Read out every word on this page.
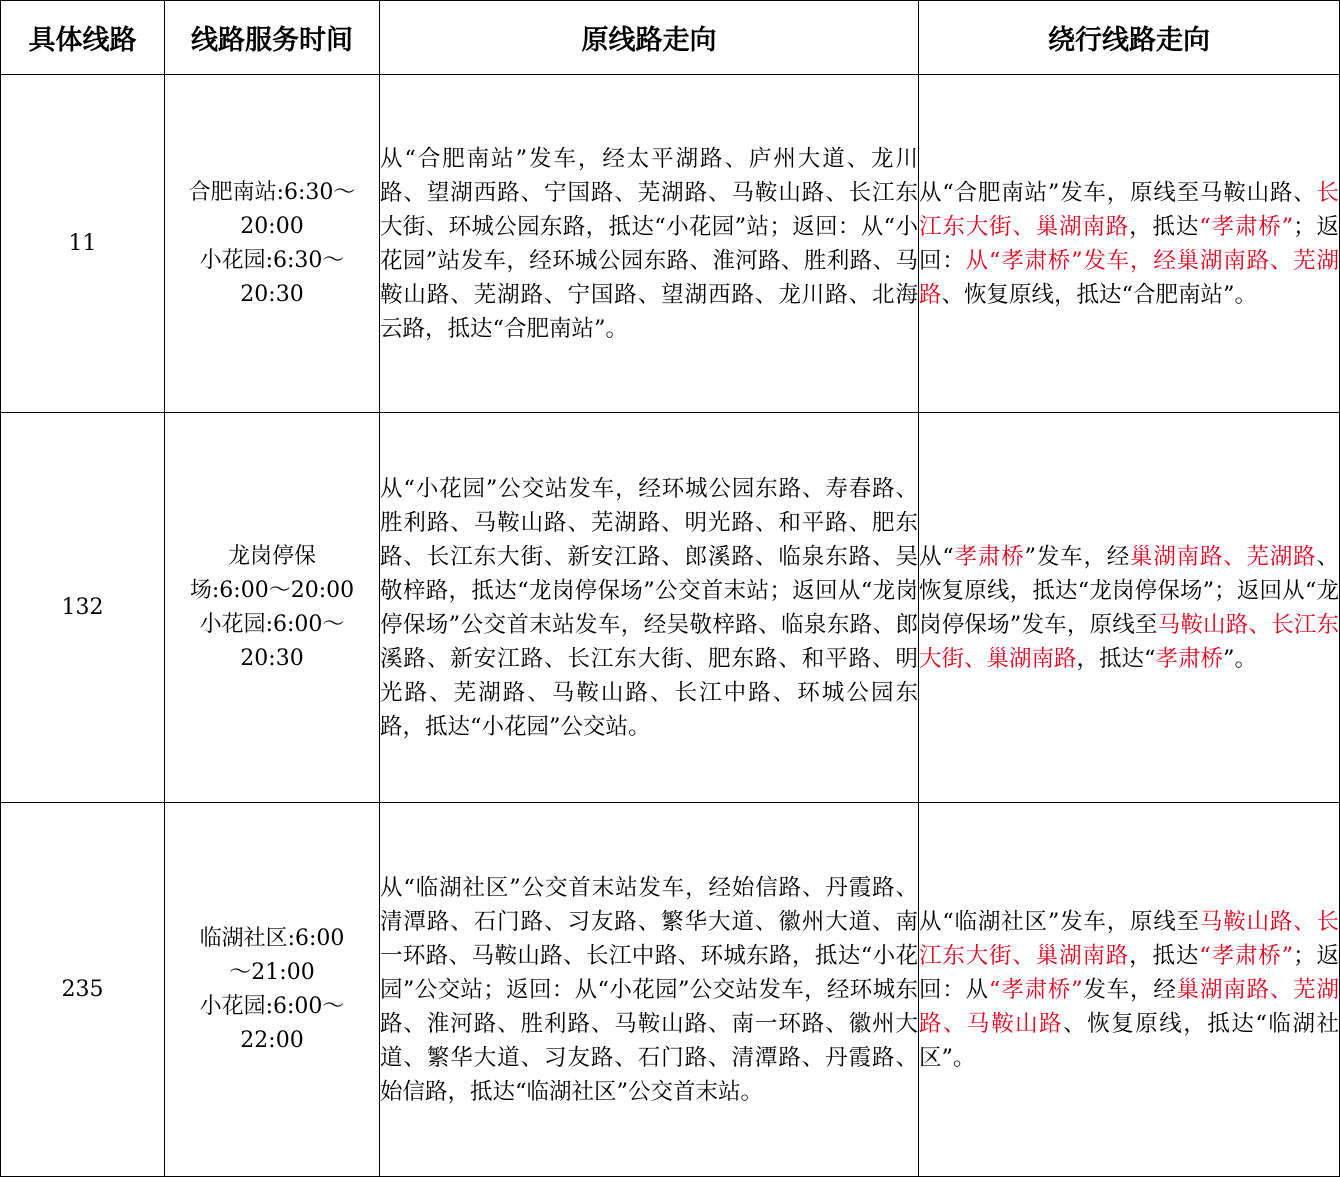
具体线路	线路服务时间	原线路走向	绕行线路走向
11	合肥南站:6:30～
20:00
小花园:6:30～
20:30	从“合肥南站”发车，经太平湖路、庐州大道、龙川路、望湖西路、宁国路、芜湖路、马鞍山路、长江东大街、环城公园东路，抵达“小花园”站；返回：从“小花园”站发车，经环城公园东路、淮河路、胜利路、马鞍山路、芜湖路、宁国路、望湖西路、龙川路、北海云路，抵达“合肥南站”。	从“合肥南站”发车，原线至马鞍山路、长江东大街、巢湖南路，抵达“孝肃桥”；返回：从“孝肃桥”发车，经巢湖南路、芜湖路、恢复原线，抵达“合肥南站”。
132	龙岗停保
场:6:00～20:00
小花园:6:00～
20:30	从“小花园”公交站发车，经环城公园东路、寿春路、胜利路、马鞍山路、芜湖路、明光路、和平路、肥东路、长江东大街、新安江路、郎溪路、临泉东路、吴敬梓路，抵达“龙岗停保场”公交首末站；返回从“龙岗停保场”公交首末站发车，经吴敬梓路、临泉东路、郎溪路、新安江路、长江东大街、肥东路、和平路、明光路、芜湖路、马鞍山路、长江中路、环城公园东路，抵达“小花园”公交站。	从“孝肃桥”发车，经巢湖南路、芜湖路、恢复原线，抵达“龙岗停保场”；返回从“龙岗停保场”发车，原线至马鞍山路、长江东大街、巢湖南路，抵达“孝肃桥”。
235	临湖社区:6:00
～21:00
小花园:6:00～
22:00	从“临湖社区”公交首末站发车，经始信路、丹霞路、清潭路、石门路、习友路、繁华大道、徽州大道、南一环路、马鞍山路、长江中路、环城东路，抵达“小花园”公交站；返回：从“小花园”公交站发车，经环城东路、淮河路、胜利路、马鞍山路、南一环路、徽州大道、繁华大道、习友路、石门路、清潭路、丹霞路、始信路，抵达“临湖社区”公交首末站。	从“临湖社区”发车，原线至马鞍山路、长江东大街、巢湖南路，抵达“孝肃桥”；返回：从“孝肃桥”发车，经巢湖南路、芜湖路、马鞍山路、恢复原线，抵达“临湖社区”。
